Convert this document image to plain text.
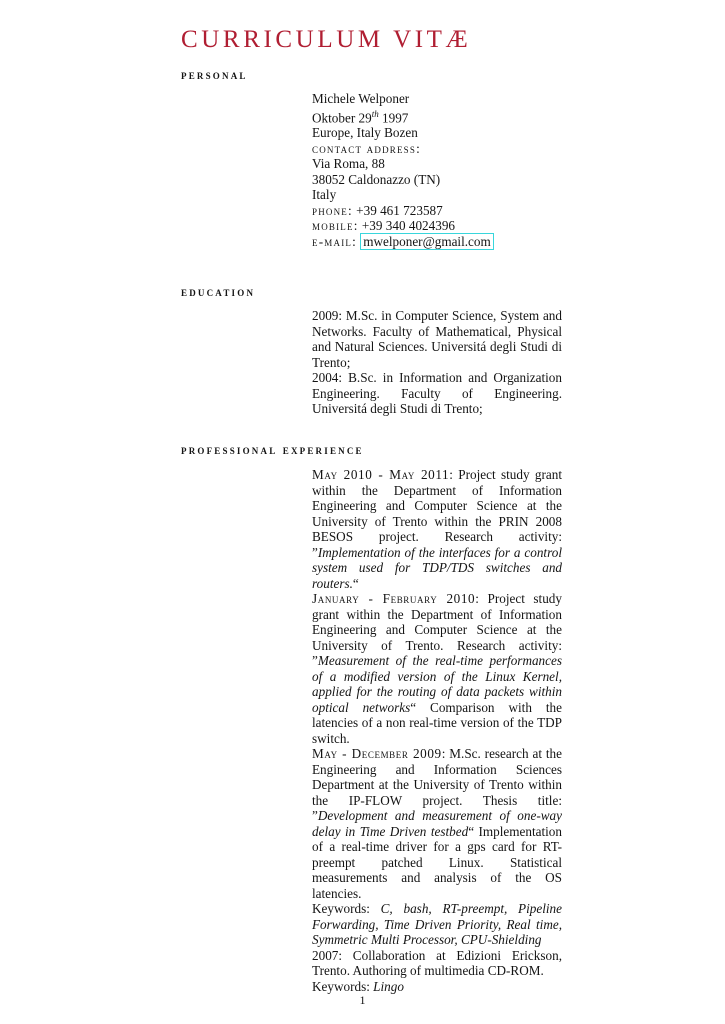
CURRICULUM VITÆ
personal

Michele Welponer

Oktober 29th 1997

Europe, Italy Bozen

contact address:

Via Roma, 88

38052 Caldonazzo (TN)

Italy

phone: +39 461 723587

mobile: +39 340 4024396

e-mail: mwelponer@gmail.com

education

2009: M.Sc. in Computer Science, System and Networks. Faculty of Mathematical, Physical and Natural Sciences. Universitá degli Studi di Trento;

2004: B.Sc. in Information and Organization Engineering. Faculty of Engineering. Universitá degli Studi di Trento;

professional experience

May 2010 - May 2011: Project study grant within the Department of Information Engineering and Computer Science at the University of Trento within the PRIN 2008 BESOS project. Research activity: ”Implementation of the interfaces for a control system used for TDP/TDS switches and routers.“

January - February 2010: Project study grant within the Department of Information Engineering and Computer Science at the University of Trento. Research activity: ”Measurement of the real-time performances of a modified version of the Linux Kernel, applied for the routing of data packets within optical networks“ Comparison with the latencies of a non real-time version of the TDP switch.

May - December 2009: M.Sc. research at the Engineering and Information Sciences Department at the University of Trento within the IP-FLOW project. Thesis title: ”Development and measurement of one-way delay in Time Driven testbed“ Implementation of a real-time driver for a gps card for RT-preempt patched Linux. Statistical measurements and analysis of the OS latencies.

Keywords: C, bash, RT-preempt, Pipeline Forwarding, Time Driven Priority, Real time, Symmetric Multi Processor, CPU-Shielding

2007: Collaboration at Edizioni Erickson, Trento. Authoring of multimedia CD-ROM.

Keywords: Lingo

1
